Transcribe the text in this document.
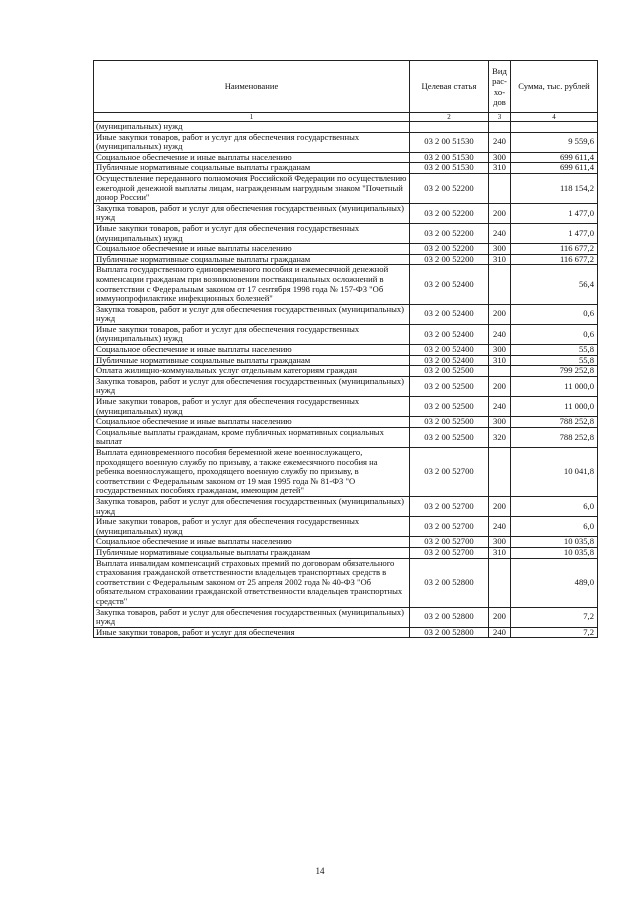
Наименование	Целевая статья	Вид рас-хо-дов	Сумма, тыс. рублей
1	2	3	4
(муниципальных) нужд			
Иные закупки товаров, работ и услуг для обеспечения государственных (муниципальных) нужд	03 2 00 51530	240	9 559,6
Социальное обеспечение и иные выплаты населению	03 2 00 51530	300	699 611,4
Публичные нормативные социальные выплаты гражданам	03 2 00 51530	310	699 611,4
Осуществление переданного полномочия Российской Федерации по осуществлению ежегодной денежной выплаты лицам, награжденным нагрудным знаком "Почетный донор России"	03 2 00 52200		118 154,2
Закупка товаров, работ и услуг для обеспечения государственных (муниципальных) нужд	03 2 00 52200	200	1 477,0
Иные закупки товаров, работ и услуг для обеспечения государственных (муниципальных) нужд	03 2 00 52200	240	1 477,0
Социальное обеспечение и иные выплаты населению	03 2 00 52200	300	116 677,2
Публичные нормативные социальные выплаты гражданам	03 2 00 52200	310	116 677,2
Выплата государственного единовременного пособия и ежемесячной денежной компенсации гражданам при возникновении поствакцинальных осложнений в соответствии с Федеральным законом от 17 сентября 1998 года № 157-ФЗ "Об иммунопрофилактике инфекционных болезней"	03 2 00 52400		56,4
Закупка товаров, работ и услуг для обеспечения государственных (муниципальных) нужд	03 2 00 52400	200	0,6
Иные закупки товаров, работ и услуг для обеспечения государственных (муниципальных) нужд	03 2 00 52400	240	0,6
Социальное обеспечение и иные выплаты населению	03 2 00 52400	300	55,8
Публичные нормативные социальные выплаты гражданам	03 2 00 52400	310	55,8
Оплата жилищно-коммунальных услуг отдельным категориям граждан	03 2 00 52500		799 252,8
Закупка товаров, работ и услуг для обеспечения государственных (муниципальных) нужд	03 2 00 52500	200	11 000,0
Иные закупки товаров, работ и услуг для обеспечения государственных (муниципальных) нужд	03 2 00 52500	240	11 000,0
Социальное обеспечение и иные выплаты населению	03 2 00 52500	300	788 252,8
Социальные выплаты гражданам, кроме публичных нормативных социальных выплат	03 2 00 52500	320	788 252,8
Выплата единовременного пособия беременной жене военнослужащего, проходящего военную службу по призыву, а также ежемесячного пособия на ребенка военнослужащего, проходящего военную службу по призыву, в соответствии с Федеральным законом от 19 мая 1995 года № 81-ФЗ "О государственных пособиях гражданам, имеющим детей"	03 2 00 52700		10 041,8
Закупка товаров, работ и услуг для обеспечения государственных (муниципальных) нужд	03 2 00 52700	200	6,0
Иные закупки товаров, работ и услуг для обеспечения государственных (муниципальных) нужд	03 2 00 52700	240	6,0
Социальное обеспечение и иные выплаты населению	03 2 00 52700	300	10 035,8
Публичные нормативные социальные выплаты гражданам	03 2 00 52700	310	10 035,8
Выплата инвалидам компенсаций страховых премий по договорам обязательного страхования гражданской ответственности владельцев транспортных средств в соответствии с Федеральным законом от 25 апреля 2002 года № 40-ФЗ "Об обязательном страховании гражданской ответственности владельцев транспортных средств"	03 2 00 52800		489,0
Закупка товаров, работ и услуг для обеспечения государственных (муниципальных) нужд	03 2 00 52800	200	7,2
Иные закупки товаров, работ и услуг для обеспечения	03 2 00 52800	240	7,2
14
